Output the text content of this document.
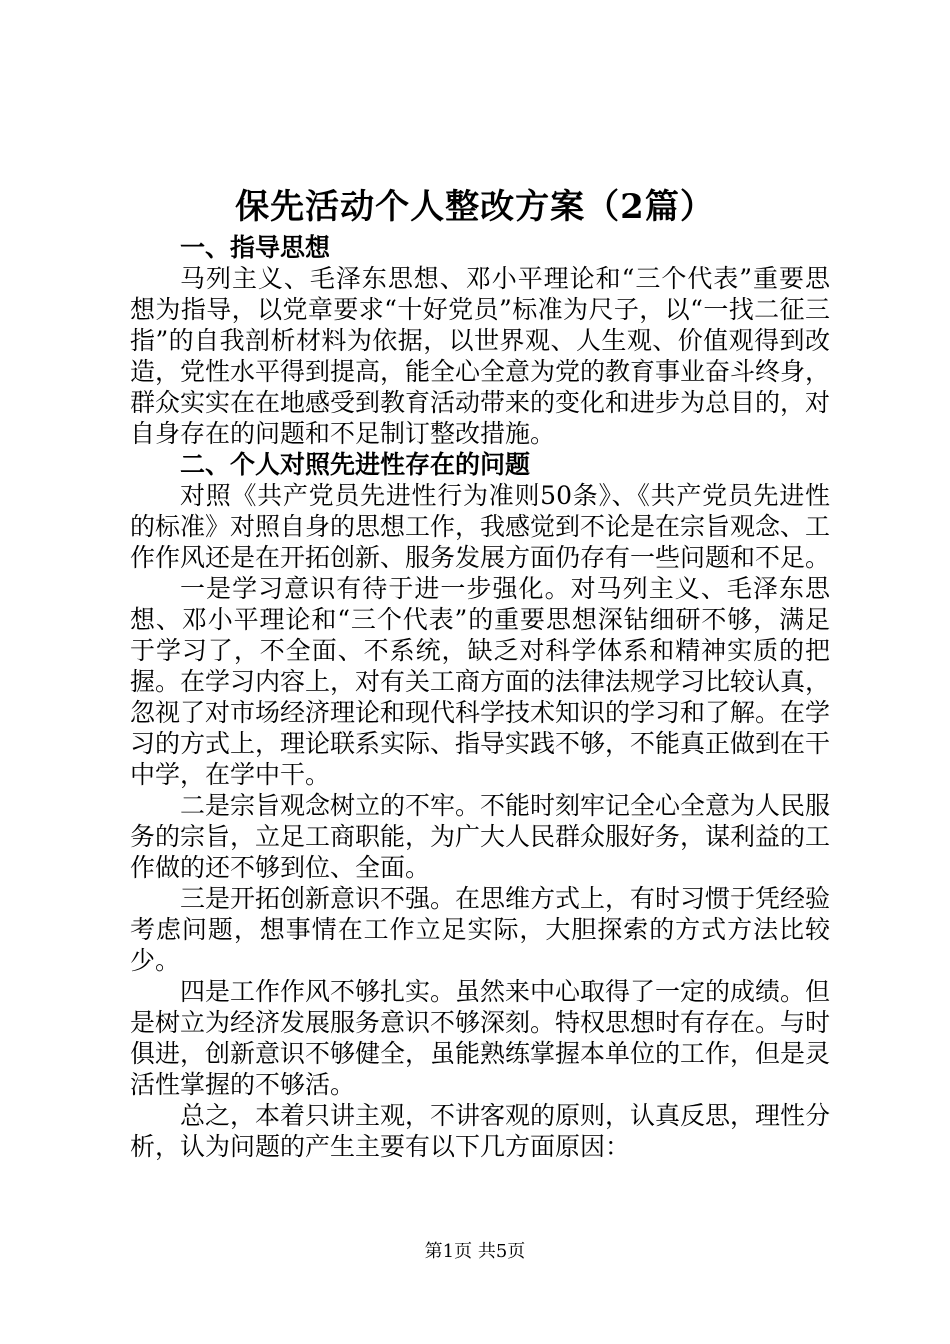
保先活动个人整改方案（2篇）

一、指导思想

马列主义、毛泽东思想、邓小平理论和“三个代表”重要思想为指导，以党章要求“十好党员”标准为尺子，以“一找二征三指”的自我剖析材料为依据，以世界观、人生观、价值观得到改造，党性水平得到提高，能全心全意为党的教育事业奋斗终身，群众实实在在地感受到教育活动带来的变化和进步为总目的，对自身存在的问题和不足制订整改措施。

二、个人对照先进性存在的问题

对照《共产党员先进性行为准则50条》、《共产党员先进性的标准》对照自身的思想工作，我感觉到不论是在宗旨观念、工作作风还是在开拓创新、服务发展方面仍存有一些问题和不足。

一是学习意识有待于进一步强化。对马列主义、毛泽东思想、邓小平理论和“三个代表”的重要思想深钻细研不够，满足于学习了，不全面、不系统，缺乏对科学体系和精神实质的把握。在学习内容上，对有关工商方面的法律法规学习比较认真，忽视了对市场经济理论和现代科学技术知识的学习和了解。在学习的方式上，理论联系实际、指导实践不够，不能真正做到在干中学，在学中干。

二是宗旨观念树立的不牢。不能时刻牢记全心全意为人民服务的宗旨，立足工商职能，为广大人民群众服好务，谋利益的工作做的还不够到位、全面。

三是开拓创新意识不强。在思维方式上，有时习惯于凭经验考虑问题，想事情在工作立足实际，大胆探索的方式方法比较少。

四是工作作风不够扎实。虽然来中心取得了一定的成绩。但是树立为经济发展服务意识不够深刻。特权思想时有存在。与时俱进，创新意识不够健全，虽能熟练掌握本单位的工作，但是灵活性掌握的不够活。

总之，本着只讲主观，不讲客观的原则，认真反思，理性分析，认为问题的产生主要有以下几方面原因：

第1页 共5页
